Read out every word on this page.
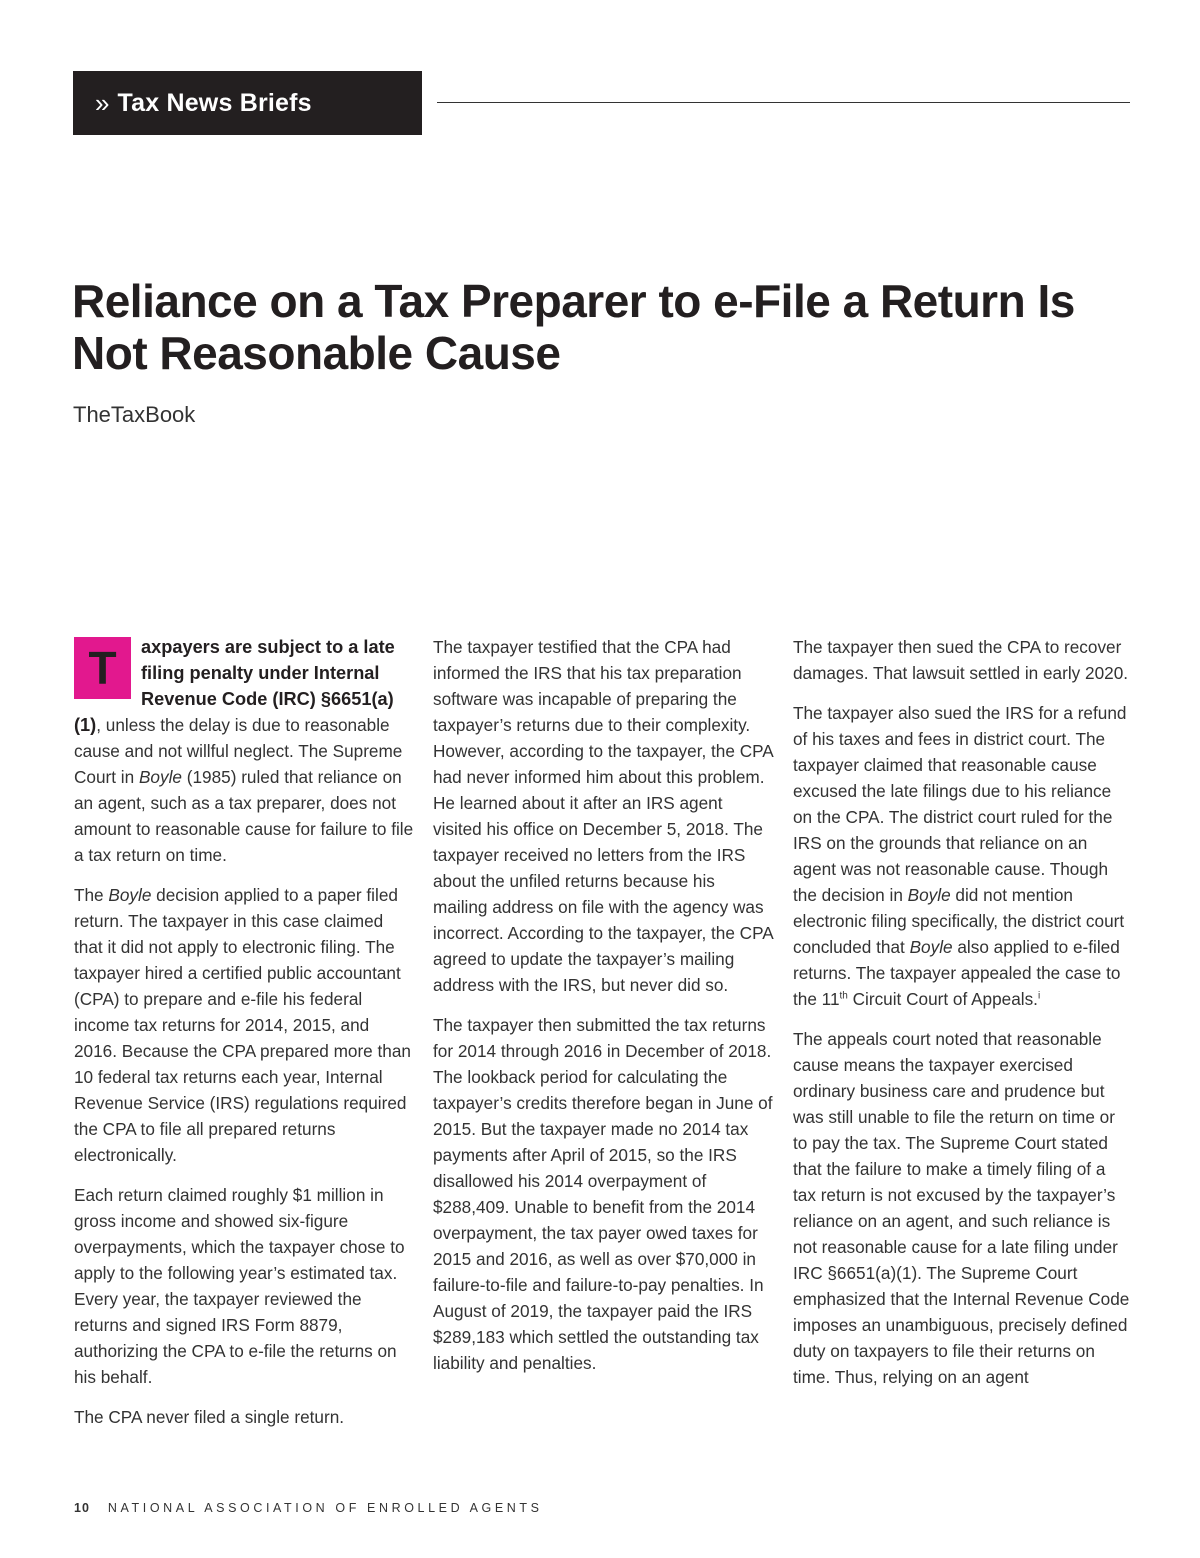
» Tax News Briefs
Reliance on a Tax Preparer to e-File a Return Is Not Reasonable Cause
TheTaxBook

T	axpayers are subject to a late filing penalty under Internal Revenue Code (IRC) §6651(a)(1), unless the delay is due to reasonable cause and not willful neglect. The Supreme Court in Boyle (1985) ruled that reliance on an agent, such as a tax preparer, does not amount to reasonable cause for failure to file a tax return on time.

The Boyle decision applied to a paper filed return. The taxpayer in this case claimed that it did not apply to electronic filing. The taxpayer hired a certified public accountant (CPA) to prepare and e-file his federal income tax returns for 2014, 2015, and 2016. Because the CPA prepared more than 10 federal tax returns each year, Internal Revenue Service (IRS) regulations required the CPA to file all prepared returns electronically.

Each return claimed roughly $1 million in gross income and showed six-figure overpayments, which the taxpayer chose to apply to the following year’s estimated tax. Every year, the taxpayer reviewed the returns and signed IRS Form 8879, authorizing the CPA to e-file the returns on his behalf.

The CPA never filed a single return.

The taxpayer testified that the CPA had informed the IRS that his tax preparation software was incapable of preparing the taxpayer’s returns due to their complexity. However, according to the taxpayer, the CPA had never informed him about this problem. He learned about it after an IRS agent visited his office on December 5, 2018. The taxpayer received no letters from the IRS about the unfiled returns because his mailing address on file with the agency was incorrect. According to the taxpayer, the CPA agreed to update the taxpayer’s mailing address with the IRS, but never did so.

The taxpayer then submitted the tax returns for 2014 through 2016 in December of 2018. The lookback period for calculating the taxpayer’s credits therefore began in June of 2015. But the taxpayer made no 2014 tax payments after April of 2015, so the IRS disallowed his 2014 overpayment of $288,409. Unable to benefit from the 2014 overpayment, the tax payer owed taxes for 2015 and 2016, as well as over $70,000 in failure-to-file and failure-to-pay penalties. In August of 2019, the taxpayer paid the IRS $289,183 which settled the outstanding tax liability and penalties.

The taxpayer then sued the CPA to recover damages. That lawsuit settled in early 2020.

The taxpayer also sued the IRS for a refund of his taxes and fees in district court. The taxpayer claimed that reasonable cause excused the late filings due to his reliance on the CPA. The district court ruled for the IRS on the grounds that reliance on an agent was not reasonable cause. Though the decision in Boyle did not mention electronic filing specifically, the district court concluded that Boyle also applied to e-filed returns. The taxpayer appealed the case to the 11th Circuit Court of Appeals.$^i$

The appeals court noted that reasonable cause means the taxpayer exercised ordinary business care and prudence but was still unable to file the return on time or to pay the tax. The Supreme Court stated that the failure to make a timely filing of a tax return is not excused by the taxpayer’s reliance on an agent, and such reliance is not reasonable cause for a late filing under IRC §6651(a)(1). The Supreme Court emphasized that the Internal Revenue Code imposes an unambiguous, precisely defined duty on taxpayers to file their returns on time. Thus, relying on an agent

10 NATIONAL ASSOCIATION OF ENROLLED AGENTS
